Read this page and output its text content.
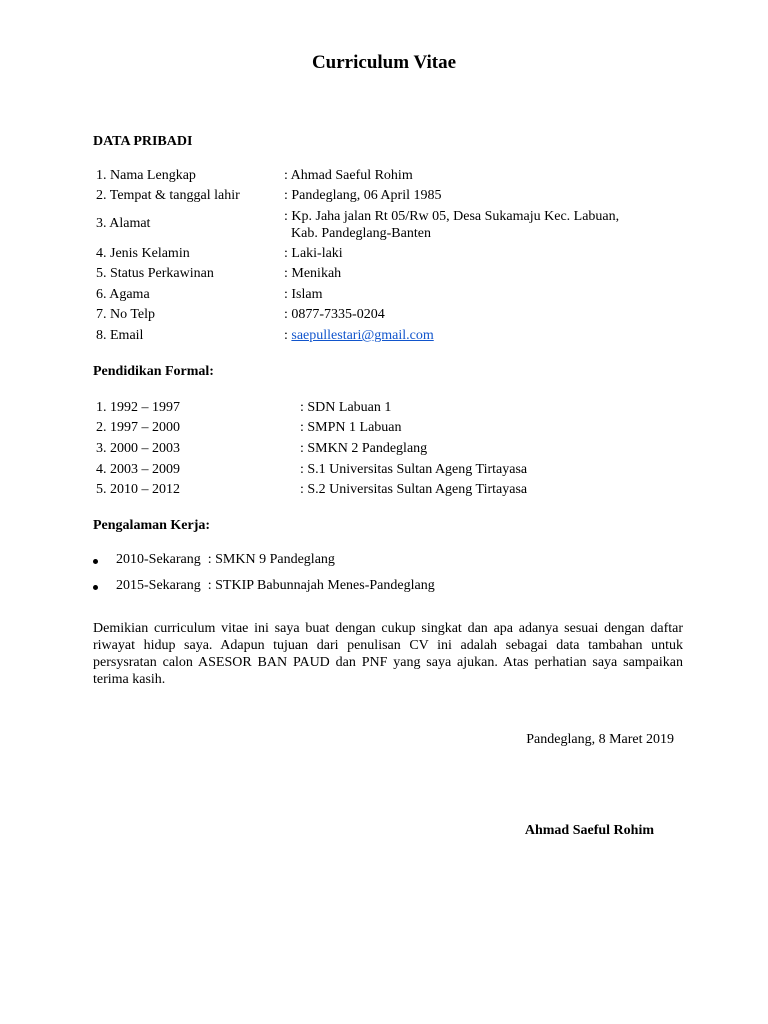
Curriculum Vitae
DATA PRIBADI
1. Nama Lengkap	: Ahmad Saeful Rohim
2. Tempat & tanggal lahir	: Pandeglang, 06 April 1985
3. Alamat	: Kp. Jaha jalan Rt 05/Rw 05, Desa Sukamaju Kec. Labuan,
Kab. Pandeglang-Banten
4. Jenis Kelamin	: Laki-laki
5. Status Perkawinan	: Menikah
6. Agama	: Islam
7. No Telp	: 0877-7335-0204
8. Email	: saepullestari@gmail.com
Pendidikan Formal:
1. 1992 – 1997	: SDN Labuan 1
2. 1997 – 2000	: SMPN 1 Labuan
3. 2000 – 2003	: SMKN 2 Pandeglang
4. 2003 – 2009	: S.1 Universitas Sultan Ageng Tirtayasa
5. 2010 – 2012	: S.2 Universitas Sultan Ageng Tirtayasa
Pengalaman Kerja:
2010-Sekarang  : SMKN 9 Pandeglang
2015-Sekarang  : STKIP Babunnajah Menes-Pandeglang
Demikian curriculum vitae ini saya buat dengan cukup singkat dan apa adanya sesuai dengan daftar riwayat hidup saya. Adapun tujuan dari penulisan CV ini adalah sebagai data tambahan untuk persysratan calon ASESOR BAN PAUD dan PNF yang saya ajukan. Atas perhatian saya sampaikan terima kasih.
Pandeglang, 8 Maret 2019
Ahmad Saeful Rohim
